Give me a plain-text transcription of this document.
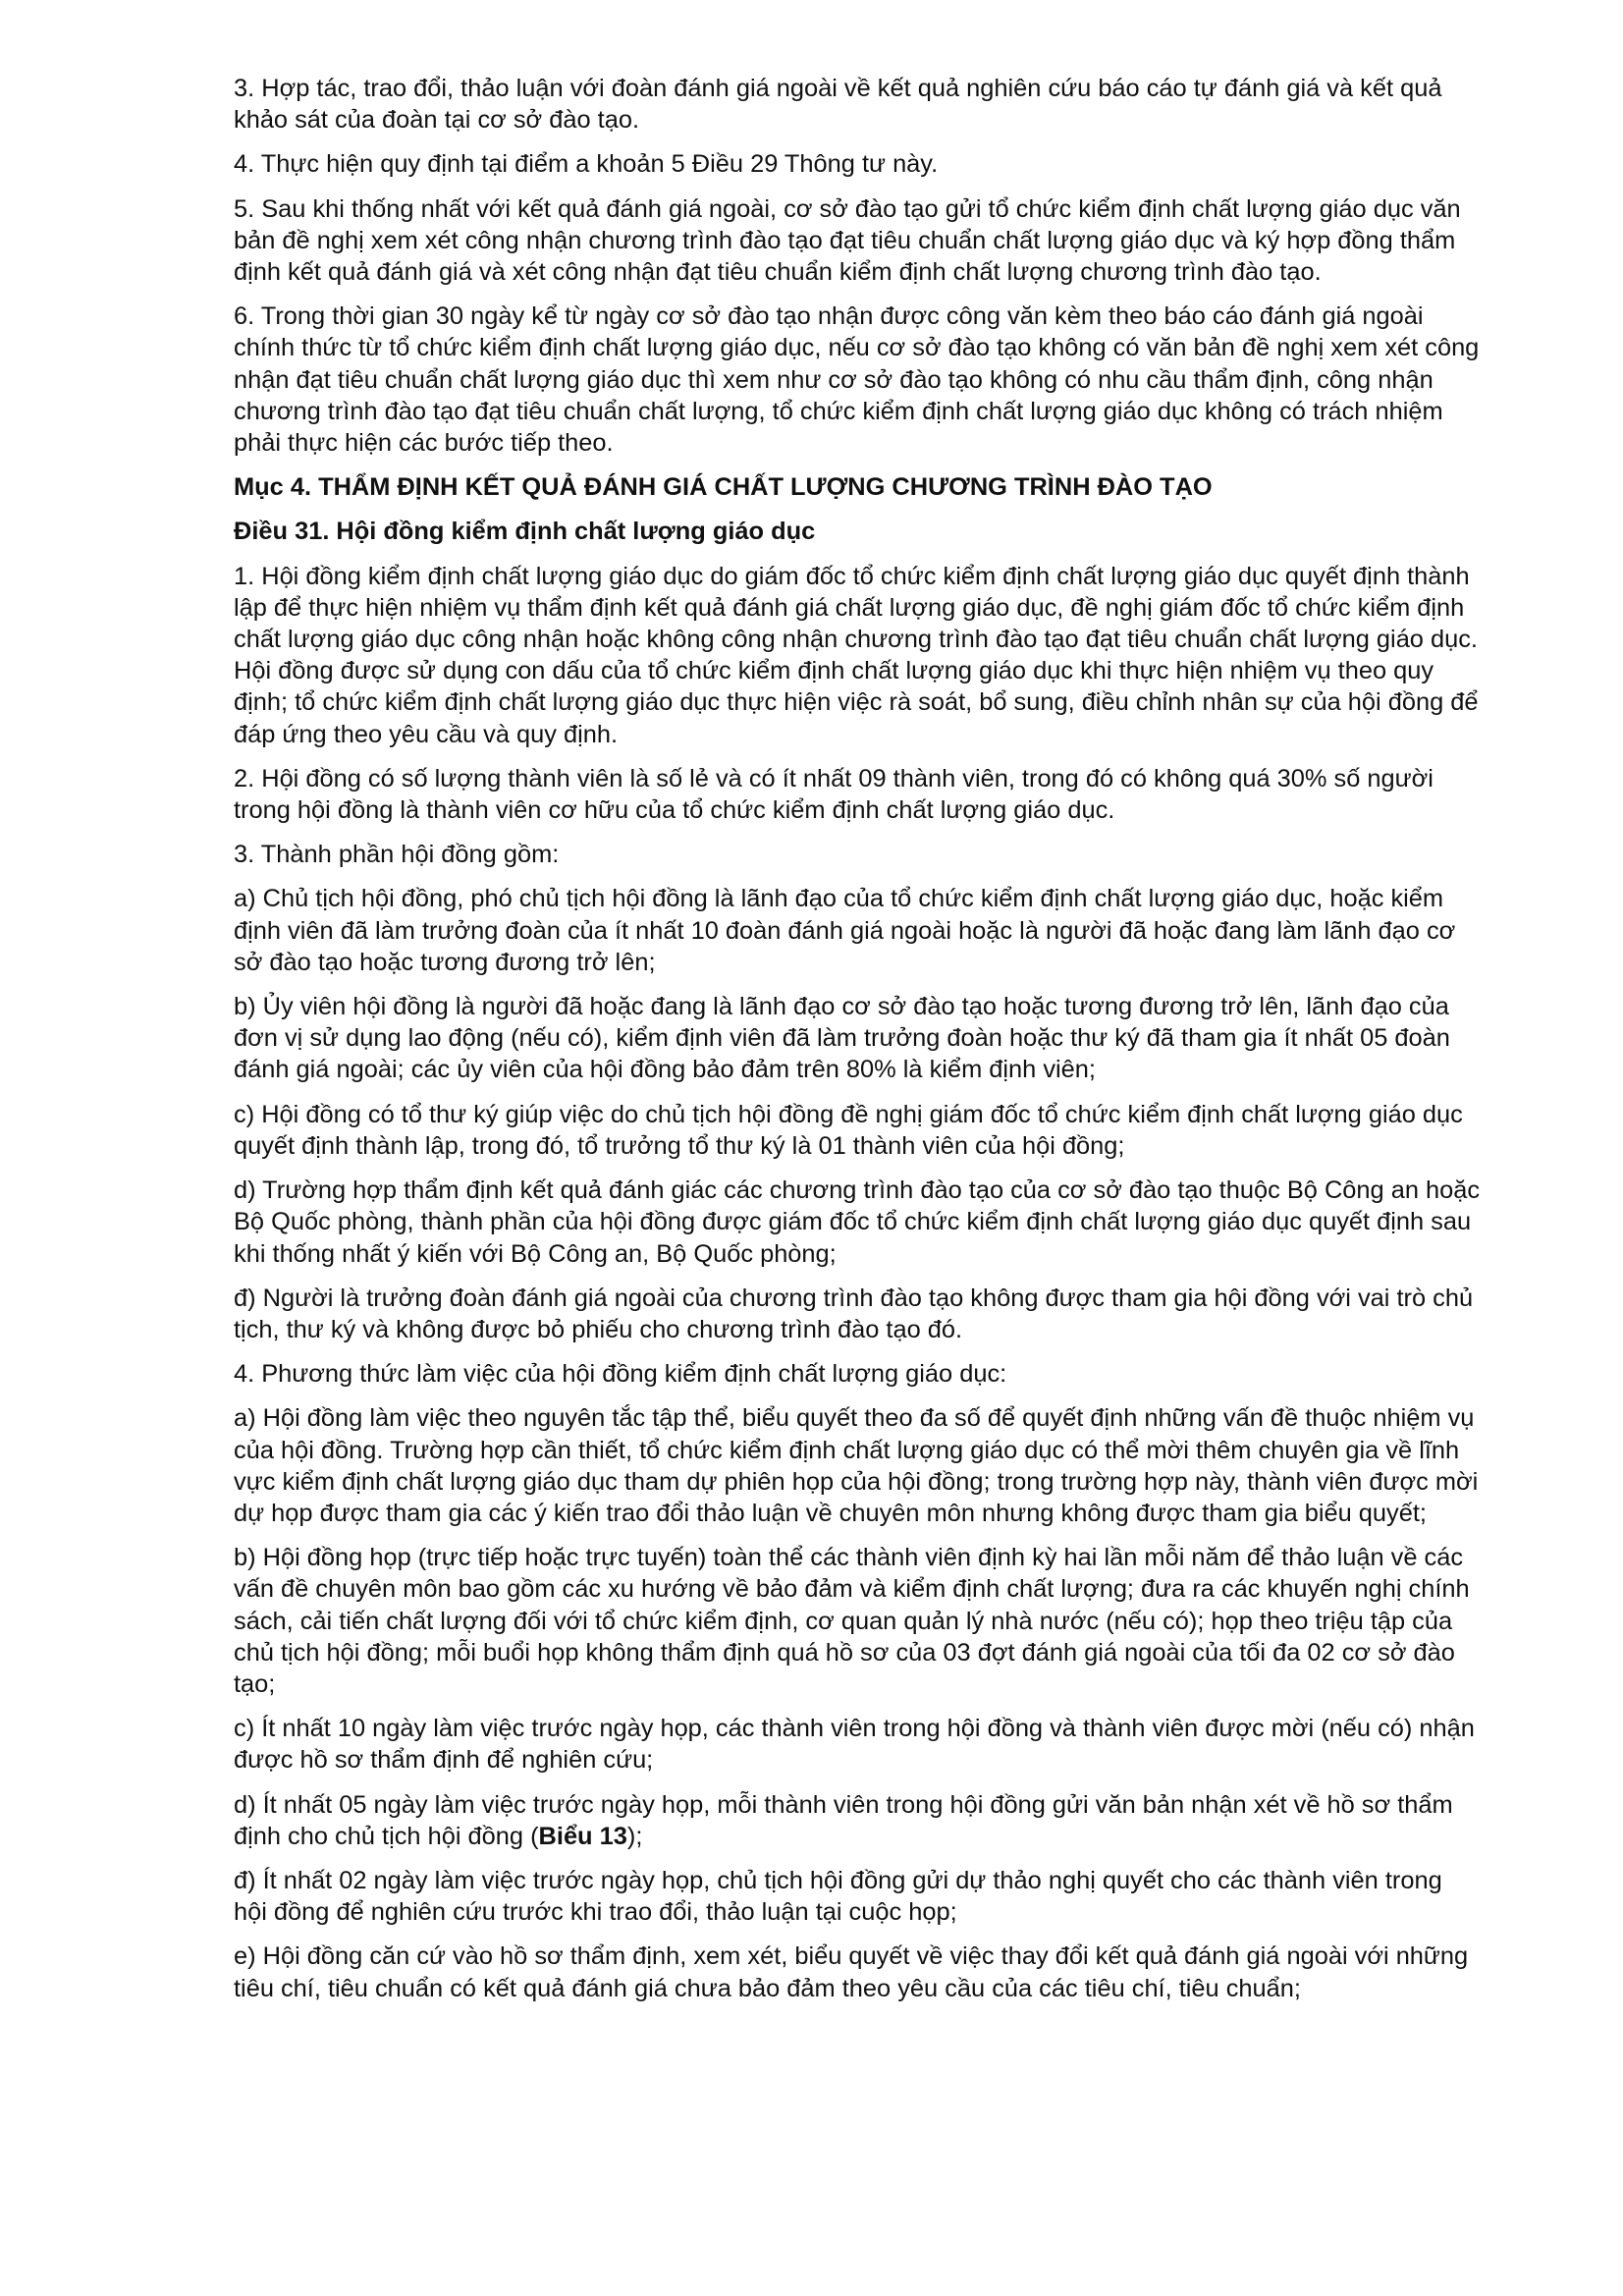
3. Hợp tác, trao đổi, thảo luận với đoàn đánh giá ngoài về kết quả nghiên cứu báo cáo tự đánh giá và kết quả khảo sát của đoàn tại cơ sở đào tạo.

4. Thực hiện quy định tại điểm a khoản 5 Điều 29 Thông tư này.

5. Sau khi thống nhất với kết quả đánh giá ngoài, cơ sở đào tạo gửi tổ chức kiểm định chất lượng giáo dục văn bản đề nghị xem xét công nhận chương trình đào tạo đạt tiêu chuẩn chất lượng giáo dục và ký hợp đồng thẩm định kết quả đánh giá và xét công nhận đạt tiêu chuẩn kiểm định chất lượng chương trình đào tạo.

6. Trong thời gian 30 ngày kể từ ngày cơ sở đào tạo nhận được công văn kèm theo báo cáo đánh giá ngoài chính thức từ tổ chức kiểm định chất lượng giáo dục, nếu cơ sở đào tạo không có văn bản đề nghị xem xét công nhận đạt tiêu chuẩn chất lượng giáo dục thì xem như cơ sở đào tạo không có nhu cầu thẩm định, công nhận chương trình đào tạo đạt tiêu chuẩn chất lượng, tổ chức kiểm định chất lượng giáo dục không có trách nhiệm phải thực hiện các bước tiếp theo.

Mục 4. THẨM ĐỊNH KẾT QUẢ ĐÁNH GIÁ CHẤT LƯỢNG CHƯƠNG TRÌNH ĐÀO TẠO

Điều 31. Hội đồng kiểm định chất lượng giáo dục

1. Hội đồng kiểm định chất lượng giáo dục do giám đốc tổ chức kiểm định chất lượng giáo dục quyết định thành lập để thực hiện nhiệm vụ thẩm định kết quả đánh giá chất lượng giáo dục, đề nghị giám đốc tổ chức kiểm định chất lượng giáo dục công nhận hoặc không công nhận chương trình đào tạo đạt tiêu chuẩn chất lượng giáo dục. Hội đồng được sử dụng con dấu của tổ chức kiểm định chất lượng giáo dục khi thực hiện nhiệm vụ theo quy định; tổ chức kiểm định chất lượng giáo dục thực hiện việc rà soát, bổ sung, điều chỉnh nhân sự của hội đồng để đáp ứng theo yêu cầu và quy định.

2. Hội đồng có số lượng thành viên là số lẻ và có ít nhất 09 thành viên, trong đó có không quá 30% số người trong hội đồng là thành viên cơ hữu của tổ chức kiểm định chất lượng giáo dục.

3. Thành phần hội đồng gồm:

a) Chủ tịch hội đồng, phó chủ tịch hội đồng là lãnh đạo của tổ chức kiểm định chất lượng giáo dục, hoặc kiểm định viên đã làm trưởng đoàn của ít nhất 10 đoàn đánh giá ngoài hoặc là người đã hoặc đang làm lãnh đạo cơ sở đào tạo hoặc tương đương trở lên;

b) Ủy viên hội đồng là người đã hoặc đang là lãnh đạo cơ sở đào tạo hoặc tương đương trở lên, lãnh đạo của đơn vị sử dụng lao động (nếu có), kiểm định viên đã làm trưởng đoàn hoặc thư ký đã tham gia ít nhất 05 đoàn đánh giá ngoài; các ủy viên của hội đồng bảo đảm trên 80% là kiểm định viên;

c) Hội đồng có tổ thư ký giúp việc do chủ tịch hội đồng đề nghị giám đốc tổ chức kiểm định chất lượng giáo dục quyết định thành lập, trong đó, tổ trưởng tổ thư ký là 01 thành viên của hội đồng;

d) Trường hợp thẩm định kết quả đánh giác các chương trình đào tạo của cơ sở đào tạo thuộc Bộ Công an hoặc Bộ Quốc phòng, thành phần của hội đồng được giám đốc tổ chức kiểm định chất lượng giáo dục quyết định sau khi thống nhất ý kiến với Bộ Công an, Bộ Quốc phòng;

đ) Người là trưởng đoàn đánh giá ngoài của chương trình đào tạo không được tham gia hội đồng với vai trò chủ tịch, thư ký và không được bỏ phiếu cho chương trình đào tạo đó.

4. Phương thức làm việc của hội đồng kiểm định chất lượng giáo dục:

a) Hội đồng làm việc theo nguyên tắc tập thể, biểu quyết theo đa số để quyết định những vấn đề thuộc nhiệm vụ của hội đồng. Trường hợp cần thiết, tổ chức kiểm định chất lượng giáo dục có thể mời thêm chuyên gia về lĩnh vực kiểm định chất lượng giáo dục tham dự phiên họp của hội đồng; trong trường hợp này, thành viên được mời dự họp được tham gia các ý kiến trao đổi thảo luận về chuyên môn nhưng không được tham gia biểu quyết;

b) Hội đồng họp (trực tiếp hoặc trực tuyến) toàn thể các thành viên định kỳ hai lần mỗi năm để thảo luận về các vấn đề chuyên môn bao gồm các xu hướng về bảo đảm và kiểm định chất lượng; đưa ra các khuyến nghị chính sách, cải tiến chất lượng đối với tổ chức kiểm định, cơ quan quản lý nhà nước (nếu có); họp theo triệu tập của chủ tịch hội đồng; mỗi buổi họp không thẩm định quá hồ sơ của 03 đợt đánh giá ngoài của tối đa 02 cơ sở đào tạo;

c) Ít nhất 10 ngày làm việc trước ngày họp, các thành viên trong hội đồng và thành viên được mời (nếu có) nhận được hồ sơ thẩm định để nghiên cứu;

d) Ít nhất 05 ngày làm việc trước ngày họp, mỗi thành viên trong hội đồng gửi văn bản nhận xét về hồ sơ thẩm định cho chủ tịch hội đồng (Biểu 13);

đ) Ít nhất 02 ngày làm việc trước ngày họp, chủ tịch hội đồng gửi dự thảo nghị quyết cho các thành viên trong hội đồng để nghiên cứu trước khi trao đổi, thảo luận tại cuộc họp;

e) Hội đồng căn cứ vào hồ sơ thẩm định, xem xét, biểu quyết về việc thay đổi kết quả đánh giá ngoài với những tiêu chí, tiêu chuẩn có kết quả đánh giá chưa bảo đảm theo yêu cầu của các tiêu chí, tiêu chuẩn;
